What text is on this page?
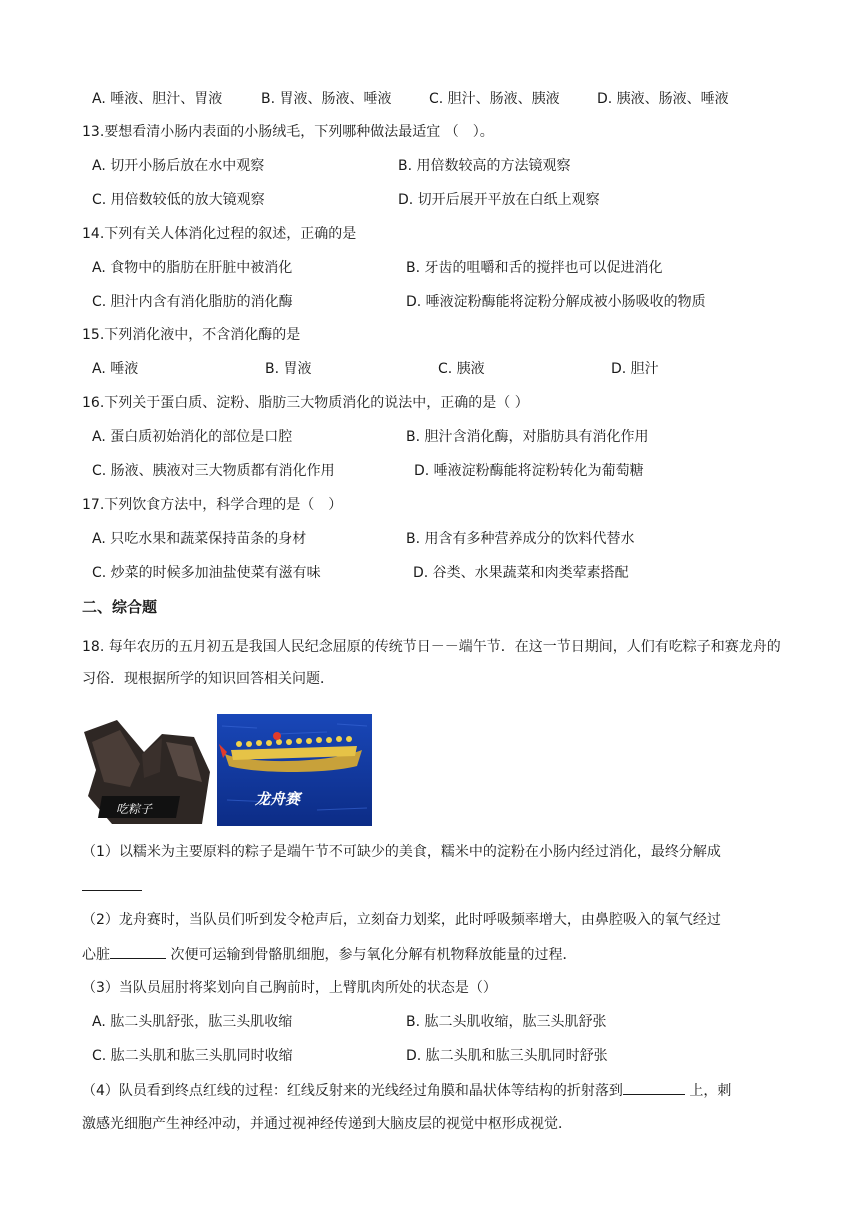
A. 唾液、胆汁、胃液	B. 胃液、肠液、唾液	C. 胆汁、肠液、胰液	D. 胰液、肠液、唾液
13.要想看清小肠内表面的小肠绒毛，下列哪种做法最适宜 （　）。
A. 切开小肠后放在水中观察	B. 用倍数较高的方法镜观察
C. 用倍数较低的放大镜观察	D. 切开后展开平放在白纸上观察
14.下列有关人体消化过程的叙述，正确的是
A. 食物中的脂肪在肝脏中被消化	B. 牙齿的咀嚼和舌的搅拌也可以促进消化
C. 胆汁内含有消化脂肪的消化酶	D. 唾液淀粉酶能将淀粉分解成被小肠吸收的物质
15.下列消化液中，不含消化酶的是
A. 唾液	B. 胃液	C. 胰液	D. 胆汁
16.下列关于蛋白质、淀粉、脂肪三大物质消化的说法中，正确的是（ ）
A. 蛋白质初始消化的部位是口腔	B. 胆汁含消化酶，对脂肪具有消化作用
C. 肠液、胰液对三大物质都有消化作用	D. 唾液淀粉酶能将淀粉转化为葡萄糖
17.下列饮食方法中，科学合理的是（　）
A. 只吃水果和蔬菜保持苗条的身材	B. 用含有多种营养成分的饮料代替水
C. 炒菜的时候多加油盐使菜有滋有味	D. 谷类、水果蔬菜和肉类荤素搭配
二、综合题
18. 每年农历的五月初五是我国人民纪念屈原的传统节日－－端午节．在这一节日期间，人们有吃粽子和赛龙舟的习俗．现根据所学的知识回答相关问题．
吃粽子
龙舟赛
（1）以糯米为主要原料的粽子是端午节不可缺少的美食，糯米中的淀粉在小肠内经过消化，最终分解成
（2）龙舟赛时，当队员们听到发令枪声后，立刻奋力划桨，此时呼吸频率增大，由鼻腔吸入的氧气经过
心脏	次便可运输到骨骼肌细胞，参与氧化分解有机物释放能量的过程．
（3）当队员屈肘将桨划向自己胸前时，上臂肌肉所处的状态是（）
A. 肱二头肌舒张，肱三头肌收缩	B. 肱二头肌收缩，肱三头肌舒张
C. 肱二头肌和肱三头肌同时收缩	D. 肱二头肌和肱三头肌同时舒张
（4）队员看到终点红线的过程：红线反射来的光线经过角膜和晶状体等结构的折射落到	上，刺
激感光细胞产生神经冲动，并通过视神经传递到大脑皮层的视觉中枢形成视觉．
